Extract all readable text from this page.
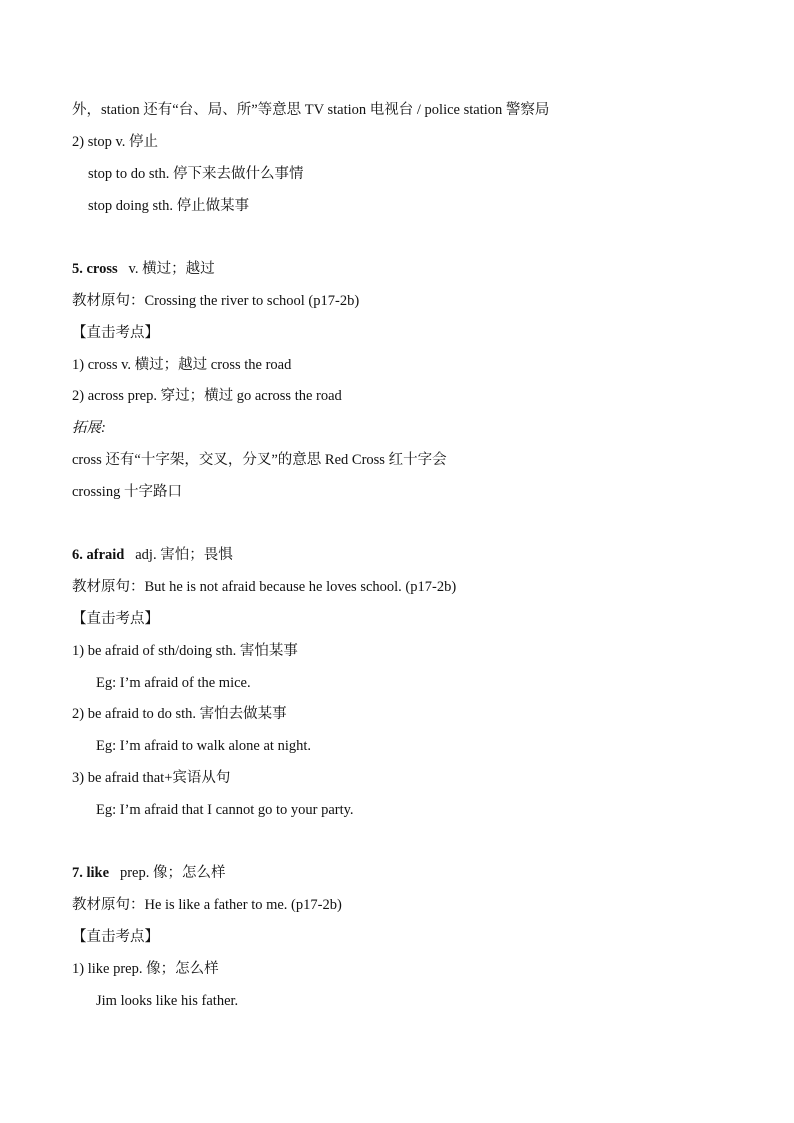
外，station 还有“台、局、所”等意思 TV station 电视台 / police station 警察局
2) stop v. 停止
stop to do sth. 停下来去做什么事情
stop doing sth. 停止做某事
5. cross v. 横过；越过
教材原句：Crossing the river to school (p17-2b)
【直击考点】
1) cross v. 横过；越过 cross the road
2) across prep. 穿过；横过 go across the road
拓展:
cross 还有“十字架，交叉，分叉”的意思 Red Cross 红十字会
crossing 十字路口
6. afraid adj. 害怕；畏惧
教材原句：But he is not afraid because he loves school. (p17-2b)
【直击考点】
1) be afraid of sth/doing sth. 害怕某事
Eg: I’m afraid of the mice.
2) be afraid to do sth. 害怕去做某事
Eg: I’m afraid to walk alone at night.
3) be afraid that+宾语从句
Eg: I’m afraid that I cannot go to your party.
7. like prep. 像；怎么样
教材原句：He is like a father to me. (p17-2b)
【直击考点】
1) like prep. 像；怎么样
Jim looks like his father.
